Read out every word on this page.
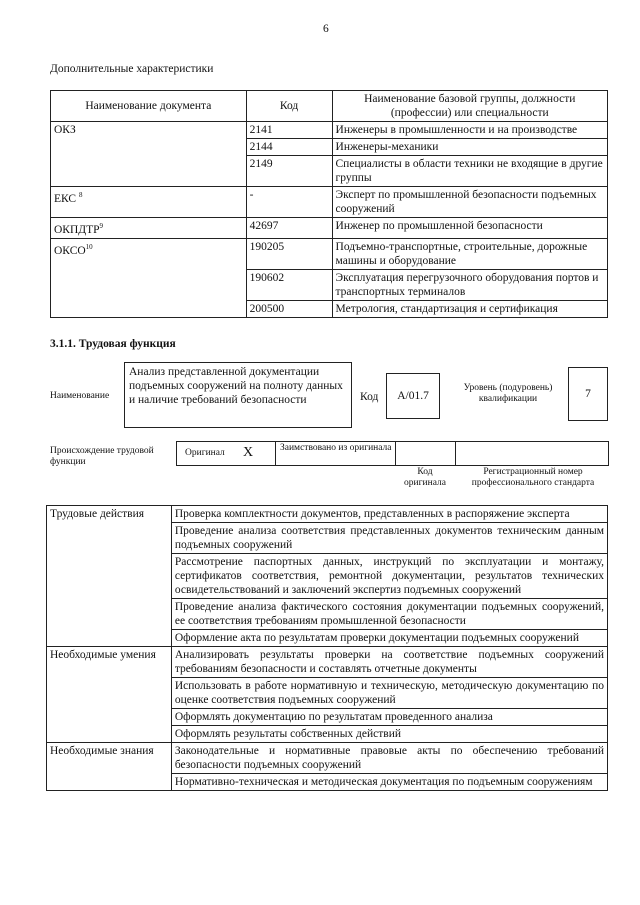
6
Дополнительные характеристики
Наименование документа	Код	Наименование базовой группы, должности (профессии) или специальности
ОКЗ	2141	Инженеры в промышленности и на производстве
	2144	Инженеры-механики
	2149	Специалисты в области техники не входящие в другие группы
ЕКС $^8$	-	Эксперт по промышленной безопасности подъемных сооружений
ОКПДТР$^9$	42697	Инженер по промышленной безопасности
ОКСО$^{10}$	190205	Подъемно-транспортные, строительные, дорожные машины и оборудование
	190602	Эксплуатация перегрузочного оборудования портов и транспортных терминалов
	200500	Метрология, стандартизация и сертификация
3.1.1. Трудовая функция
Наименование
Анализ представленной документации подъемных сооружений на полноту данных и наличие требований безопасности	Код А/01.7
Уровень (подуровень) квалификации	7
Происхождение трудовой функции
Оригинал X	Заимствовано из оригинала
Код оригинала
Регистрационный номер профессионального стандарта
Трудовые действия	Проверка комплектности документов, представленных в распоряжение эксперта
	Проведение анализа соответствия представленных документов техническим данным подъемных сооружений
	Рассмотрение паспортных данных, инструкций по эксплуатации и монтажу, сертификатов соответствия, ремонтной документации, результатов технических освидетельствований и заключений экспертиз подъемных сооружений
	Проведение анализа фактического состояния документации подъемных сооружений, ее соответствия требованиям промышленной безопасности
	Оформление акта по результатам проверки документации подъемных сооружений
Необходимые умения	Анализировать результаты проверки на соответствие подъемных сооружений требованиям безопасности и составлять отчетные документы
	Использовать в работе нормативную и техническую, методическую документацию по оценке соответствия подъемных сооружений
	Оформлять документацию по результатам проведенного анализа
	Оформлять результаты собственных действий
Необходимые знания	Законодательные и нормативные правовые акты по обеспечению требований безопасности подъемных сооружений
	Нормативно-техническая и методическая документация по подъемным сооружениям
